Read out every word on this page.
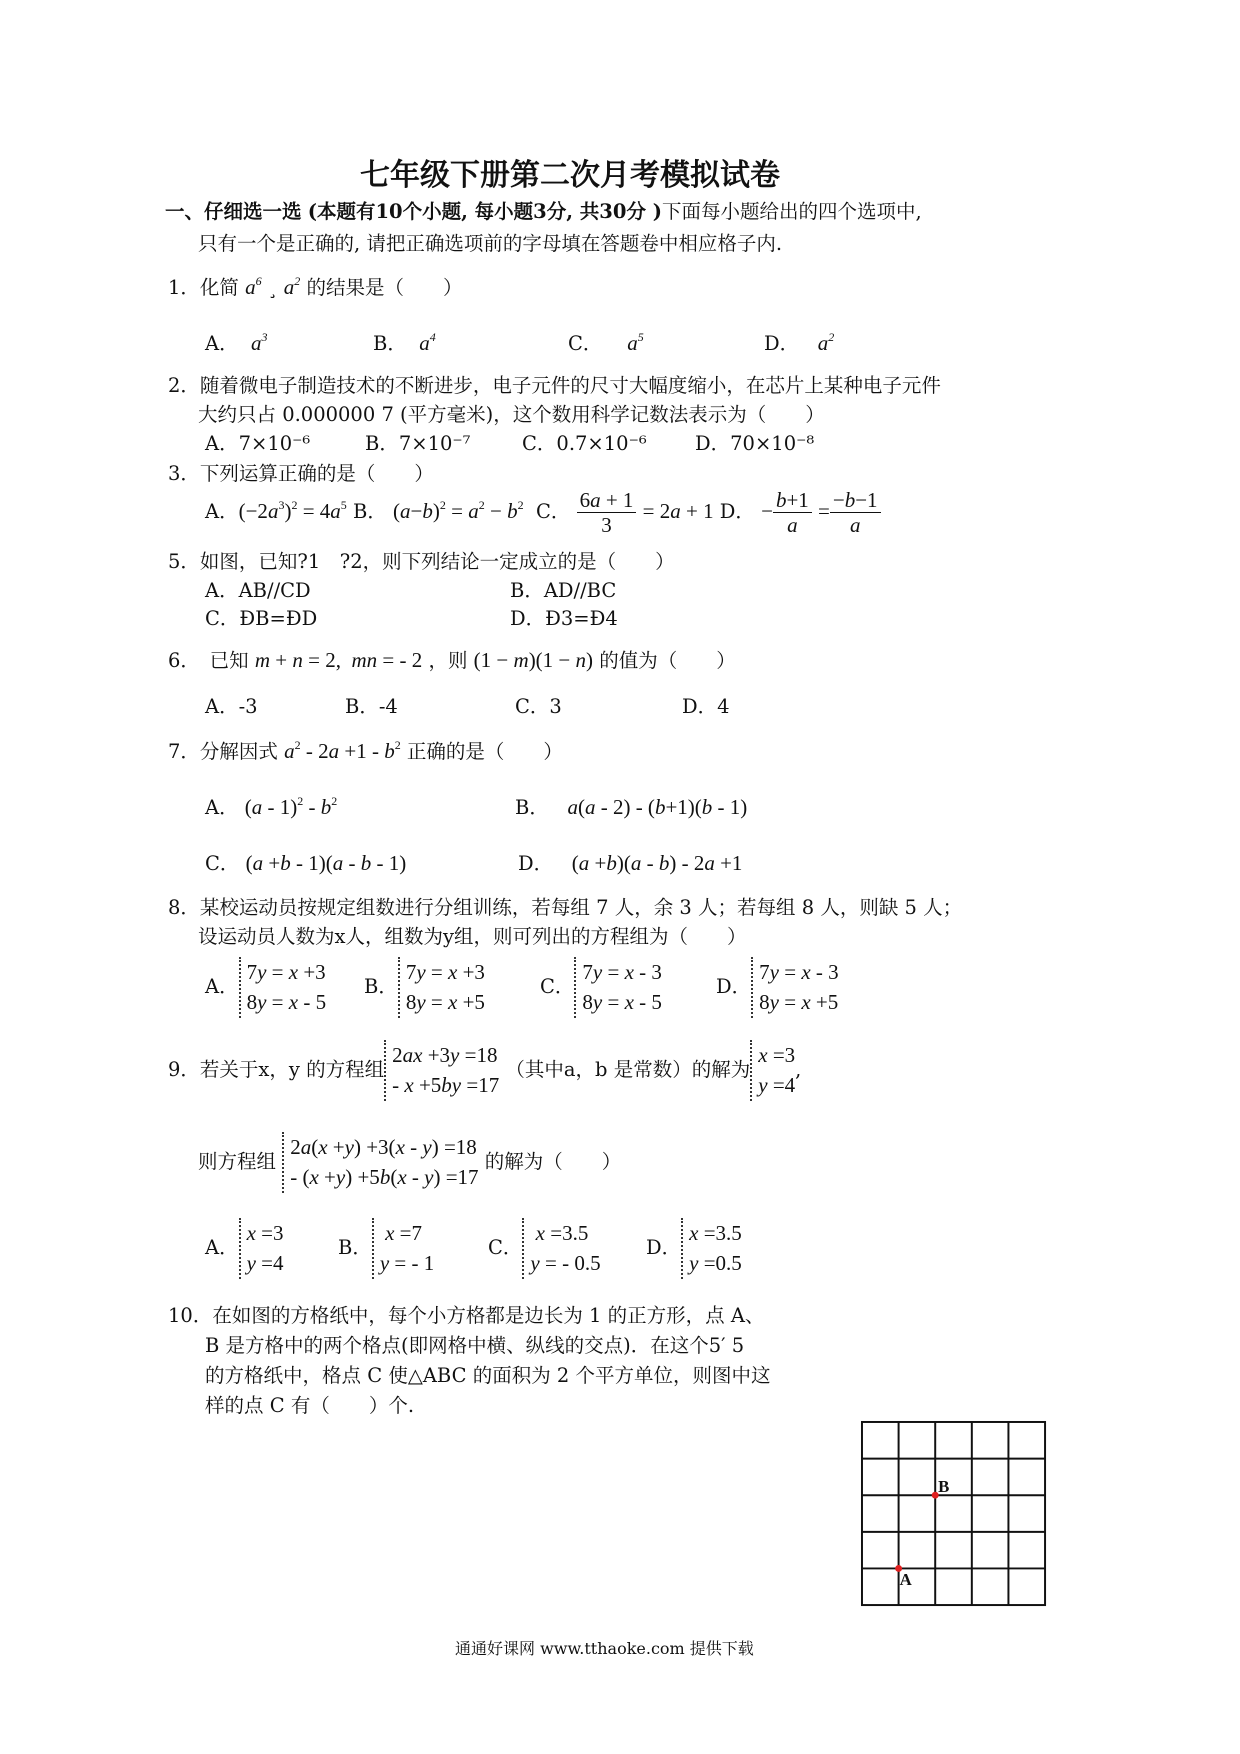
七年级下册第二次月考模拟试卷
一、仔细选一选 (本题有10个小题, 每小题3分, 共30分 )下面每小题给出的四个选项中,
只有一个是正确的, 请把正确选项前的字母填在答题卷中相应格子内.
1．化简 $a^6$ ¸ $a^2$ 的结果是（　　）
A． $a^3$	B． $a^4$	C． $a^5$	D． $a^2$
2．随着微电子制造技术的不断进步，电子元件的尺寸大幅度缩小，在芯片上某种电子元件
大约只占 0.000000 7 (平方毫米)，这个数用科学记数法表示为（　　）
A．7×10⁻⁶	B．7×10⁻⁷	C．0.7×10⁻⁶ D．70×10⁻⁸
3．下列运算正确的是（　　）
A．$(-2a^3)^2 = 4a^5$ B． $(a-b)^2 = a^2 - b^2$ C． $\frac{6a + 1}{3} = 2a + 1$ D． − $\frac{b+1}{a} = \frac{-b-1}{a}$
5．如图，已知?1　?2，则下列结论一定成立的是（　　）
A．AB//CD	B．AD//BC
C．ÐB=ÐD	D．Ð3=Ð4
6．　已知 m + n = 2,  mn = - 2 ，则 (1 − m)(1 − n) 的值为（　　）
A．-3	B．-4	C．3	D．4
7．分解因式 $a^2 - 2a +1 - b^2$ 正确的是（　　）
A． $(a - 1)^2 - b^2$	B． a(a - 2) - (b+1)(b - 1)
C． (a +b - 1)(a - b - 1)	D． (a +b)(a - b) - 2a +1
8．某校运动员按规定组数进行分组训练，若每组 7 人，余 3 人；若每组 8 人，则缺 5 人；
设运动员人数为x人，组数为y组，则可列出的方程组为（　　）
A．7y = x +3
8y = x - 5
B．7y = x +3
8y = x +5
C．7y = x - 3
8y = x - 5
D．7y = x - 3
8y = x +5
9．若关于x，y 的方程组2ax +3y =18
- x +5by =17 （其中a，b 是常数）的解为x =3
y =4,
则方程组 2a(x +y) +3(x - y) =18
- (x +y) +5b(x - y) =17 的解为（　　）
A．x =3
y =4
B． x =7
y = - 1
C． x =3.5
y = - 0.5
D．x =3.5
y =0.5
10．在如图的方格纸中，每个小方格都是边长为 1 的正方形，点 A、
B 是方格中的两个格点(即网格中横、纵线的交点)．在这个5′ 5
的方格纸中，格点 C 使△ABC 的面积为 2 个平方单位，则图中这
样的点 C 有（　　）个.
B
A
通通好课网 www.tthaoke.com 提供下载
